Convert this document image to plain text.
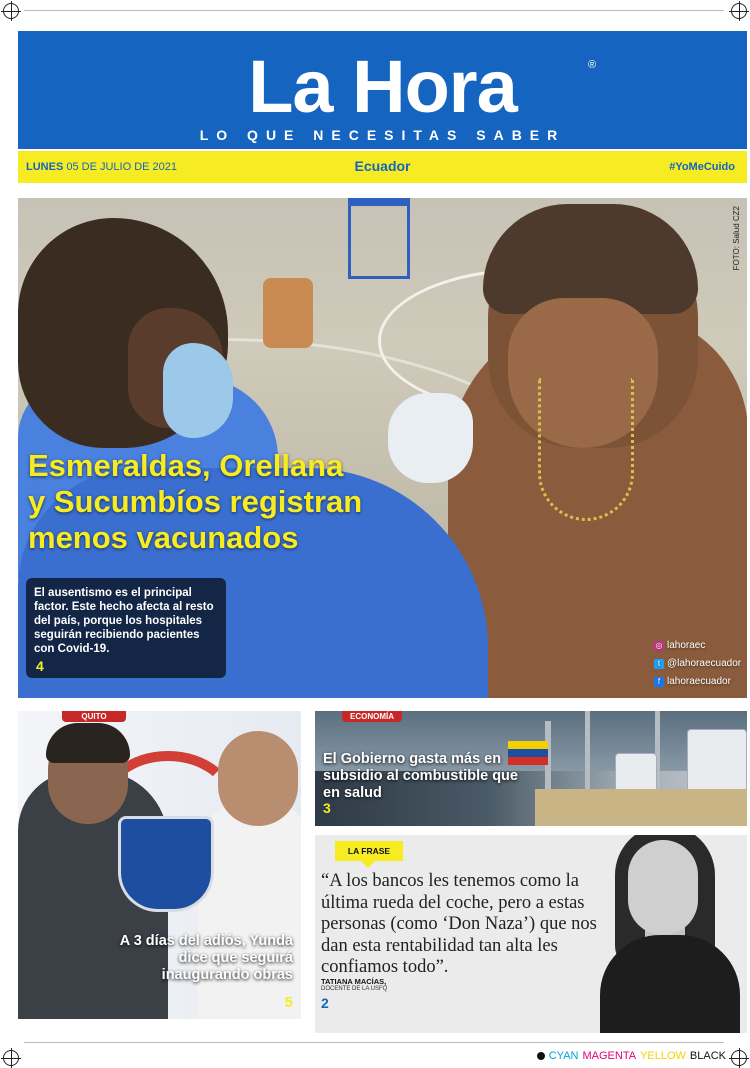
La Hora	®
LO QUE NECESITAS SABER
LUNES 05 DE JULIO DE 2021	Ecuador	#YoMeCuido
FOTO: Salud CZ2
Esmeraldas, Orellana
y Sucumbíos registran
menos vacunados
El ausentismo es el principal factor. Este hecho afecta al resto del país, porque los hospitales seguirán recibiendo pacientes con Covid-19.
4
◎ lahoraec
t @lahoraecuador
f lahoraecuador
QUITO
A 3 días del adiós, Yunda dice que seguirá inaugurando obras
5
ECONOMÍA
El Gobierno gasta más en subsidio al combustible que en salud
3
LA FRASE
“A los bancos les tenemos como la última rueda del coche, pero a estas personas (como ‘Don Naza’) que nos dan esta rentabilidad tan alta les confiamos todo”.
TATIANA MACÍAS,
DOCENTE DE LA USFQ
2
CYAN MAGENTA YELLOW BLACK
